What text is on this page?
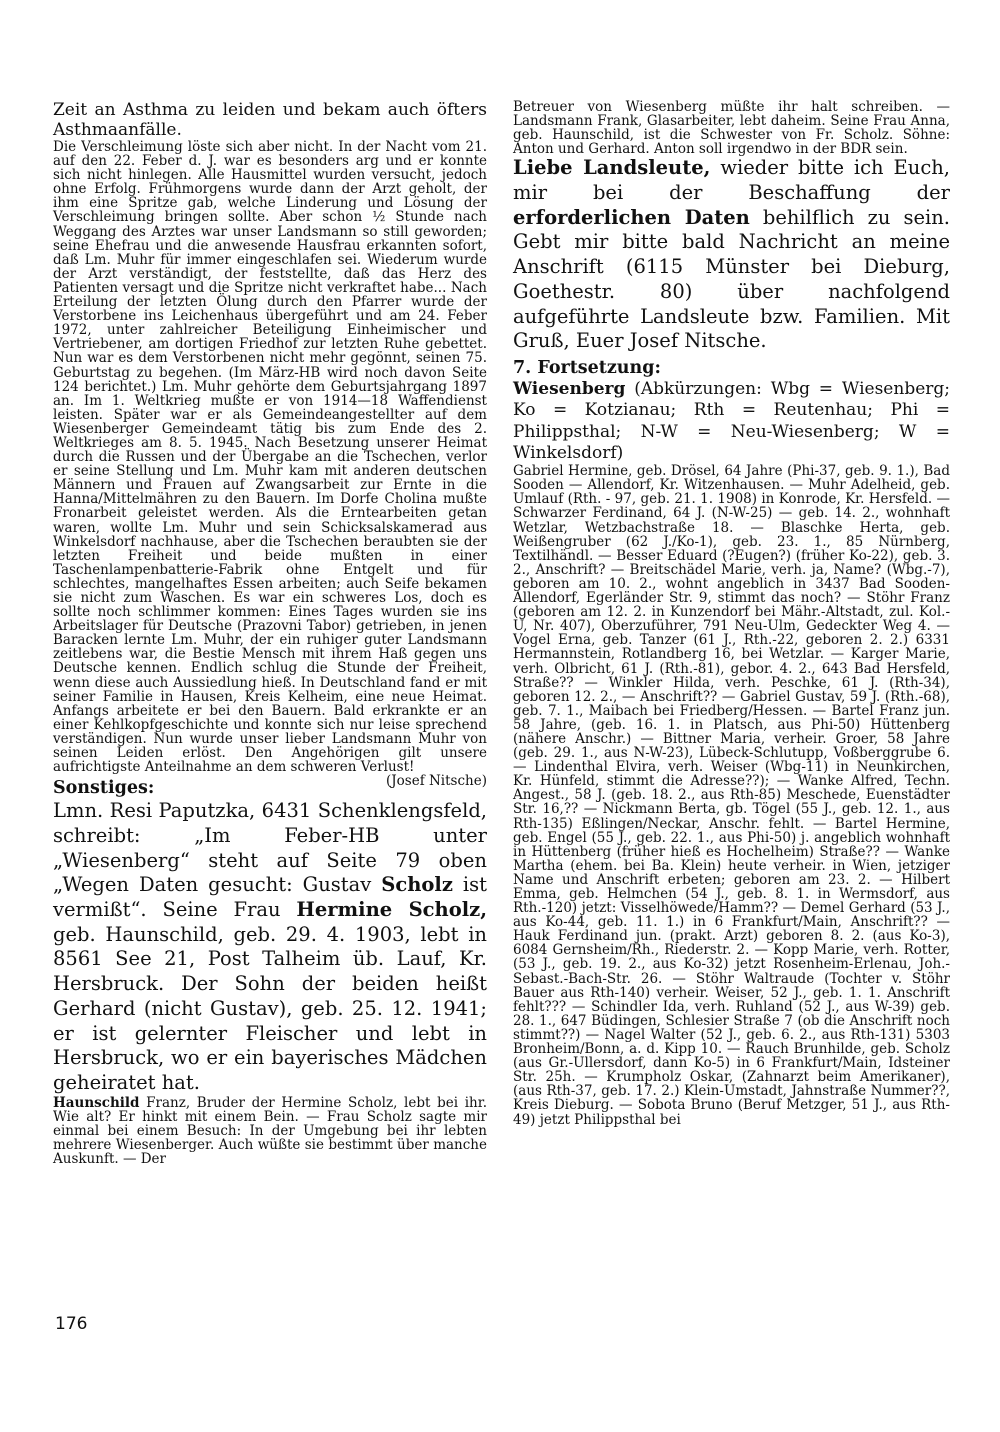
Zeit an Asthma zu leiden und bekam auch öfters Asthmaanfälle.

Die Verschleimung löste sich aber nicht. In der Nacht vom 21. auf den 22. Feber d. J. war es besonders arg und er konnte sich nicht hinlegen. Alle Hausmittel wurden versucht, jedoch ohne Erfolg. Frühmorgens wurde dann der Arzt geholt, der ihm eine Spritze gab, welche Linderung und Lösung der Verschleimung bringen sollte. Aber schon ½ Stunde nach Weggang des Arztes war unser Landsmann so still geworden; seine Ehefrau und die anwesende Hausfrau erkannten sofort, daß Lm. Muhr für immer eingeschlafen sei. Wiederum wurde der Arzt verständigt, der feststellte, daß das Herz des Patienten versagt und die Spritze nicht verkraftet habe... Nach Erteilung der letzten Ölung durch den Pfarrer wurde der Verstorbene ins Leichenhaus übergeführt und am 24. Feber 1972, unter zahlreicher Beteiligung Einheimischer und Vertriebener, am dortigen Friedhof zur letzten Ruhe gebettet. Nun war es dem Verstorbenen nicht mehr gegönnt, seinen 75. Geburtstag zu begehen. (Im März-HB wird noch davon Seite 124 berichtet.) Lm. Muhr gehörte dem Geburtsjahrgang 1897 an. Im 1. Weltkrieg mußte er von 1914—18 Waffendienst leisten. Später war er als Gemeindeangestellter auf dem Wiesenberger Gemeindeamt tätig bis zum Ende des 2. Weltkrieges am 8. 5. 1945. Nach Besetzung unserer Heimat durch die Russen und der Übergabe an die Tschechen, verlor er seine Stellung und Lm. Muhr kam mit anderen deutschen Männern und Frauen auf Zwangsarbeit zur Ernte in die Hanna/Mittelmähren zu den Bauern. Im Dorfe Cholina mußte Fronarbeit geleistet werden. Als die Erntearbeiten getan waren, wollte Lm. Muhr und sein Schicksalskamerad aus Winkelsdorf nachhause, aber die Tschechen beraubten sie der letzten Freiheit und beide mußten in einer Taschenlampenbatterie-Fabrik ohne Entgelt und für schlechtes, mangelhaftes Essen arbeiten; auch Seife bekamen sie nicht zum Waschen. Es war ein schweres Los, doch es sollte noch schlimmer kommen: Eines Tages wurden sie ins Arbeitslager für Deutsche (Prazovni Tabor) getrieben, in jenen Baracken lernte Lm. Muhr, der ein ruhiger guter Landsmann zeitlebens war, die Bestie Mensch mit ihrem Haß gegen uns Deutsche kennen. Endlich schlug die Stunde der Freiheit, wenn diese auch Aussiedlung hieß. In Deutschland fand er mit seiner Familie in Hausen, Kreis Kelheim, eine neue Heimat. Anfangs arbeitete er bei den Bauern. Bald erkrankte er an einer Kehlkopfgeschichte und konnte sich nur leise sprechend verständigen. Nun wurde unser lieber Landsmann Muhr von seinen Leiden erlöst. Den Angehörigen gilt unsere aufrichtigste Anteilnahme an dem schweren Verlust!
(Josef Nitsche)

Sonstiges:

Lmn. Resi Paputzka, 6431 Schenklengsfeld, schreibt: „Im Feber-HB unter „Wiesenberg“ steht auf Seite 79 oben „Wegen Daten gesucht: Gustav Scholz ist vermißt“. Seine Frau Hermine Scholz, geb. Haunschild, geb. 29. 4. 1903, lebt in 8561 See 21, Post Talheim üb. Lauf, Kr. Hersbruck. Der Sohn der beiden heißt Gerhard (nicht Gustav), geb. 25. 12. 1941; er ist gelernter Fleischer und lebt in Hersbruck, wo er ein bayerisches Mädchen geheiratet hat.

Haunschild Franz, Bruder der Hermine Scholz, lebt bei ihr. Wie alt? Er hinkt mit einem Bein. — Frau Scholz sagte mir einmal bei einem Besuch: In der Umgebung bei ihr lebten mehrere Wiesenberger. Auch wüßte sie bestimmt über manche Auskunft. — Der

Betreuer von Wiesenberg müßte ihr halt schreiben. — Landsmann Frank, Glasarbeiter, lebt daheim. Seine Frau Anna, geb. Haunschild, ist die Schwester von Fr. Scholz. Söhne: Anton und Gerhard. Anton soll irgendwo in der BDR sein.

Liebe Landsleute, wieder bitte ich Euch, mir bei der Beschaffung der erforderlichen Daten behilflich zu sein. Gebt mir bitte bald Nachricht an meine Anschrift (6115 Münster bei Dieburg, Goethestr. 80) über nachfolgend aufgeführte Landsleute bzw. Familien. Mit Gruß, Euer Josef Nitsche.

7. Fortsetzung:

Wiesenberg (Abkürzungen: Wbg = Wiesenberg; Ko = Kotzianau; Rth = Reutenhau; Phi = Philippsthal; N-W = Neu-Wiesenberg; W = Winkelsdorf)

Gabriel Hermine, geb. Drösel, 64 Jahre (Phi-37, geb. 9. 1.), Bad Sooden — Allendorf, Kr. Witzenhausen. — Muhr Adelheid, geb. Umlauf (Rth. - 97, geb. 21. 1. 1908) in Konrode, Kr. Hersfeld. — Schwarzer Ferdinand, 64 J. (N-W-25) — geb. 14. 2., wohnhaft Wetzlar, Wetzbachstraße 18. — Blaschke Herta, geb. Weißengruber (62 J./Ko-1), geb. 23. 1., 85 Nürnberg, Textilhändl. — Besser Eduard (?Eugen?) (früher Ko-22), geb. 3. 2., Anschrift? — Breitschädel Marie, verh. ja, Name? (Wbg.-7), geboren am 10. 2., wohnt angeblich in 3437 Bad Sooden-Allendorf, Egerländer Str. 9, stimmt das noch? — Stöhr Franz (geboren am 12. 2. in Kunzendorf bei Mähr.-Altstadt, zul. Kol.-U, Nr. 407), Oberzuführer, 791 Neu-Ulm, Gedeckter Weg 4. — Vogel Erna, geb. Tanzer (61 J., Rth.-22, geboren 2. 2.) 6331 Hermannstein, Rotlandberg 16, bei Wetzlar. — Karger Marie, verh. Olbricht, 61 J. (Rth.-81), gebor. 4. 2., 643 Bad Hersfeld, Straße?? — Winkler Hilda, verh. Peschke, 61 J. (Rth-34), geboren 12. 2., — Anschrift?? — Gabriel Gustav, 59 J. (Rth.-68), geb. 7. 1., Maibach bei Friedberg/Hessen. — Bartel Franz jun. 58 Jahre, (geb. 16. 1. in Platsch, aus Phi-50) Hüttenberg (nähere Anschr.) — Bittner Maria, verheir. Groer, 58 Jahre (geb. 29. 1., aus N-W-23), Lübeck-Schlutupp, Voßberggrube 6. — Lindenthal Elvira, verh. Weiser (Wbg-11) in Neunkirchen, Kr. Hünfeld, stimmt die Adresse??); — Wanke Alfred, Techn. Angest., 58 J. (geb. 18. 2., aus Rth-85) Meschede, Euenstädter Str. 16,?? — Nickmann Berta, gb. Tögel (55 J., geb. 12. 1., aus Rth-135) Eßlingen/Neckar, Anschr. fehlt. — Bartel Hermine, geb. Engel (55 J., geb. 22. 1., aus Phi-50) j. angeblich wohnhaft in Hüttenberg (früher hieß es Hochelheim) Straße?? — Wanke Martha (ehem. bei Ba. Klein) heute verheir. in Wien, jetziger Name und Anschrift erbeten; geboren am 23. 2. — Hilbert Emma, geb. Helmchen (54 J., geb. 8. 1. in Wermsdorf, aus Rth.-120) jetzt: Visselhöwede/Hamm?? — Demel Gerhard (53 J., aus Ko-44, geb. 11. 1.) in 6 Frankfurt/Main, Anschrift?? — Hauk Ferdinand jun. (prakt. Arzt) geboren 8. 2. (aus Ko-3), 6084 Gernsheim/Rh., Riederstr. 2. — Kopp Marie, verh. Rotter, (53 J., geb. 19. 2., aus Ko-32) jetzt Rosenheim-Erlenau, Joh.-Sebast.-Bach-Str. 26. — Stöhr Waltraude (Tochter v. Stöhr Bauer aus Rth-140) verheir. Weiser, 52 J., geb. 1. 1. Anschrift fehlt??? — Schindler Ida, verh. Ruhland (52 J., aus W-39) geb. 28. 1., 647 Büdingen, Schlesier Straße 7 (ob die Anschrift noch stimmt??) — Nagel Walter (52 J., geb. 6. 2., aus Rth-131) 5303 Bronheim/Bonn, a. d. Kipp 10. — Rauch Brunhilde, geb. Scholz (aus Gr.-Ullersdorf, dann Ko-5) in 6 Frankfurt/Main, Idsteiner Str. 25h. — Krumpholz Oskar, (Zahnarzt beim Amerikaner), (aus Rth-37, geb. 17. 2.) Klein-Umstadt, Jahnstraße Nummer??, Kreis Dieburg. — Sobota Bruno (Beruf Metzger, 51 J., aus Rth-49) jetzt Philippsthal bei

176
